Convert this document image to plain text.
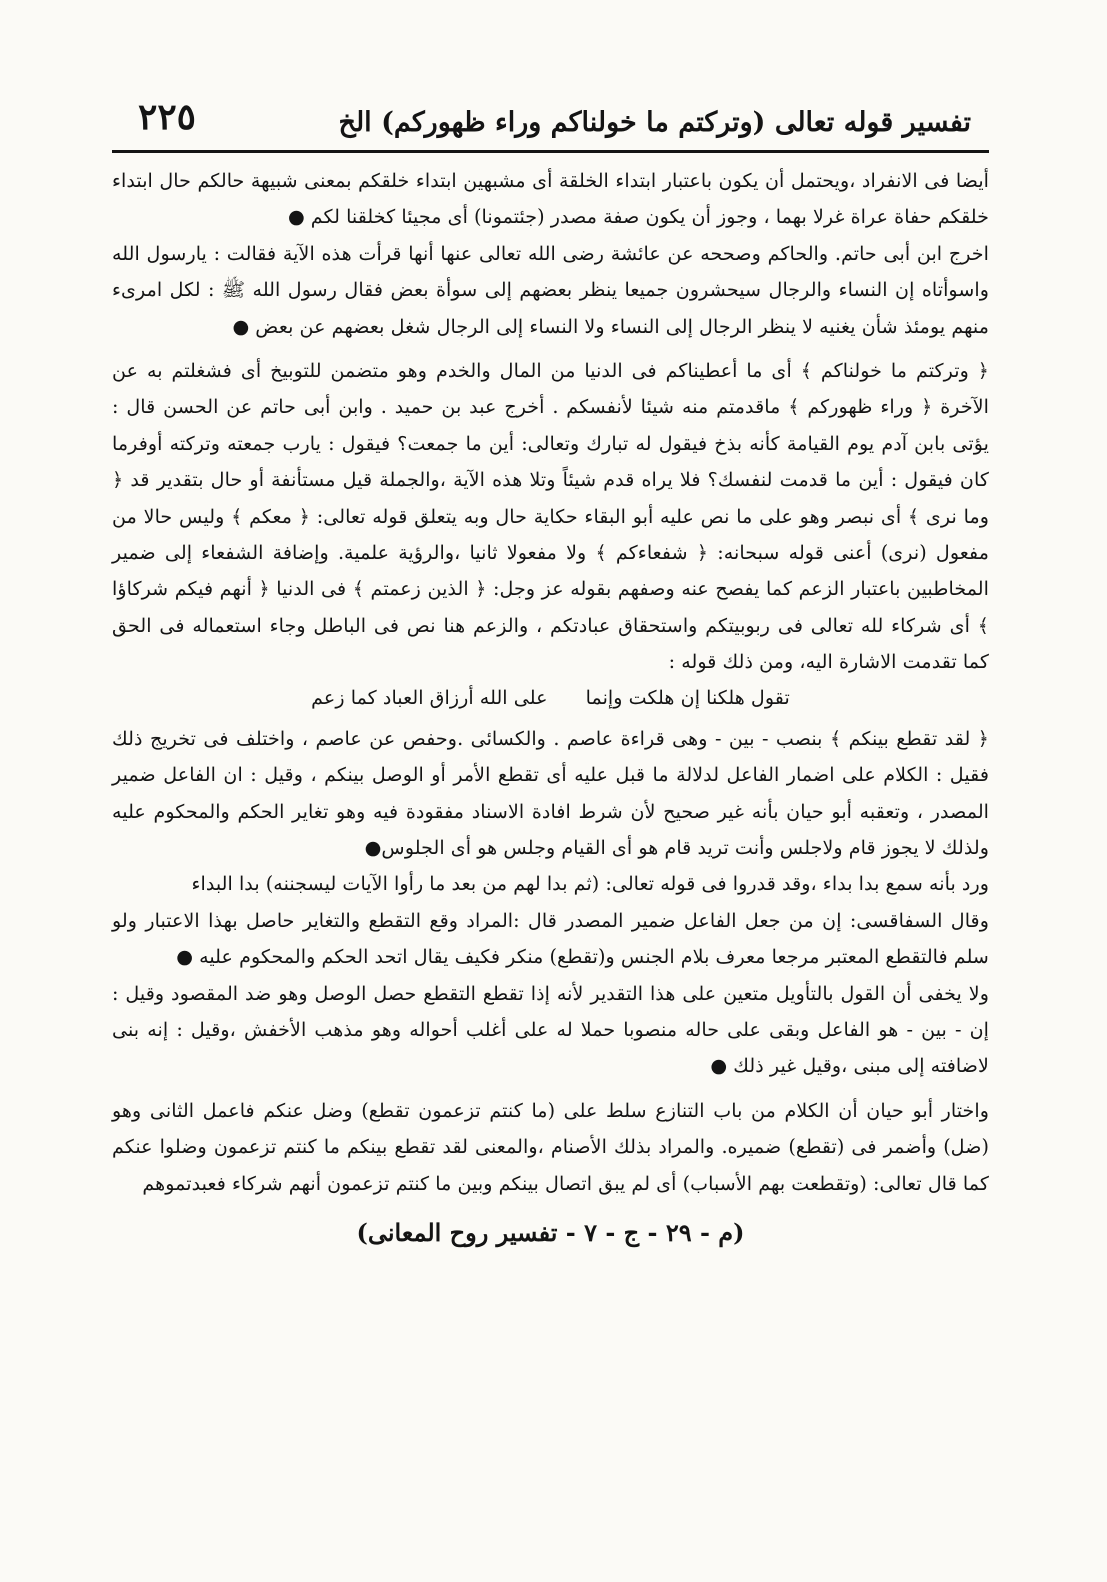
تفسير قوله تعالى (وتركتم ما خولناكم وراء ظهوركم) الخ
٢٢٥

أيضا فى الانفراد ،ويحتمل أن يكون باعتبار ابتداء الخلقة أى مشبهين ابتداء خلقكم بمعنى شبيهة حالكم حال ابتداء خلقكم حفاة عراة غرلا بهما ، وجوز أن يكون صفة مصدر (جئتمونا) أى مجيئا كخلقنا لكم ●

اخرج ابن أبى حاتم. والحاكم وصححه عن عائشة رضى الله تعالى عنها أنها قرأت هذه الآية فقالت : يارسول الله واسوأتاه إن النساء والرجال سيحشرون جميعا ينظر بعضهم إلى سوأة بعض فقال رسول الله ﷺ : لكل امرىء منهم يومئذ شأن يغنيه لا ينظر الرجال إلى النساء ولا النساء إلى الرجال شغل بعضهم عن بعض ●

﴿ وتركتم ما خولناكم ﴾ أى ما أعطيناكم فى الدنيا من المال والخدم وهو متضمن للتوبيخ أى فشغلتم به عن الآخرة ﴿ وراء ظهوركم ﴾ ماقدمتم منه شيئا لأنفسكم . أخرج عبد بن حميد . وابن أبى حاتم عن الحسن قال : يؤتى بابن آدم يوم القيامة كأنه بذخ فيقول له تبارك وتعالى: أين ما جمعت؟ فيقول : يارب جمعته وتركته أوفرما كان فيقول : أين ما قدمت لنفسك؟ فلا يراه قدم شيئاً وتلا هذه الآية ،والجملة قيل مستأنفة أو حال بتقدير قد ﴿ وما نرى ﴾ أى نبصر وهو على ما نص عليه أبو البقاء حكاية حال وبه يتعلق قوله تعالى: ﴿ معكم ﴾ وليس حالا من مفعول (نرى) أعنى قوله سبحانه: ﴿ شفعاءكم ﴾ ولا مفعولا ثانيا ،والرؤية علمية. وإضافة الشفعاء إلى ضمير المخاطبين باعتبار الزعم كما يفصح عنه وصفهم بقوله عز وجل: ﴿ الذين زعمتم ﴾ فى الدنيا ﴿ أنهم فيكم شركاؤا ﴾ أى شركاء لله تعالى فى ربوبيتكم واستحقاق عبادتكم ، والزعم هنا نص فى الباطل وجاء استعماله فى الحق كما تقدمت الاشارة اليه، ومن ذلك قوله :

تقول هلكنا إن هلكت وإنما على الله أرزاق العباد كما زعم

﴿ لقد تقطع بينكم ﴾ بنصب - بين - وهى قراءة عاصم . والكسائى .وحفص عن عاصم ، واختلف فى تخريج ذلك فقيل : الكلام على اضمار الفاعل لدلالة ما قبل عليه أى تقطع الأمر أو الوصل بينكم ، وقيل : ان الفاعل ضمير المصدر ، وتعقبه أبو حيان بأنه غير صحيح لأن شرط افادة الاسناد مفقودة فيه وهو تغاير الحكم والمحكوم عليه ولذلك لا يجوز قام ولاجلس وأنت تريد قام هو أى القيام وجلس هو أى الجلوس●

ورد بأنه سمع بدا بداء ،وقد قدروا فى قوله تعالى: (ثم بدا لهم من بعد ما رأوا الآيات ليسجننه) بدا البداء

وقال السفاقسى: إن من جعل الفاعل ضمير المصدر قال :المراد وقع التقطع والتغاير حاصل بهذا الاعتبار ولو سلم فالتقطع المعتبر مرجعا معرف بلام الجنس و(تقطع) منكر فكيف يقال اتحد الحكم والمحكوم عليه ●

ولا يخفى أن القول بالتأويل متعين على هذا التقدير لأنه إذا تقطع التقطع حصل الوصل وهو ضد المقصود وقيل : إن - بين - هو الفاعل وبقى على حاله منصوبا حملا له على أغلب أحواله وهو مذهب الأخفش ،وقيل : إنه بنى لاضافته إلى مبنى ،وقيل غير ذلك ●

واختار أبو حيان أن الكلام من باب التنازع سلط على (ما كنتم تزعمون تقطع) وضل عنكم فاعمل الثانى وهو (ضل) وأضمر فى (تقطع) ضميره. والمراد بذلك الأصنام ،والمعنى لقد تقطع بينكم ما كنتم تزعمون وضلوا عنكم كما قال تعالى: (وتقطعت بهم الأسباب) أى لم يبق اتصال بينكم وبين ما كنتم تزعمون أنهم شركاء فعبدتموهم

(م - ٢٩ - ج - ٧ - تفسير روح المعانى)
